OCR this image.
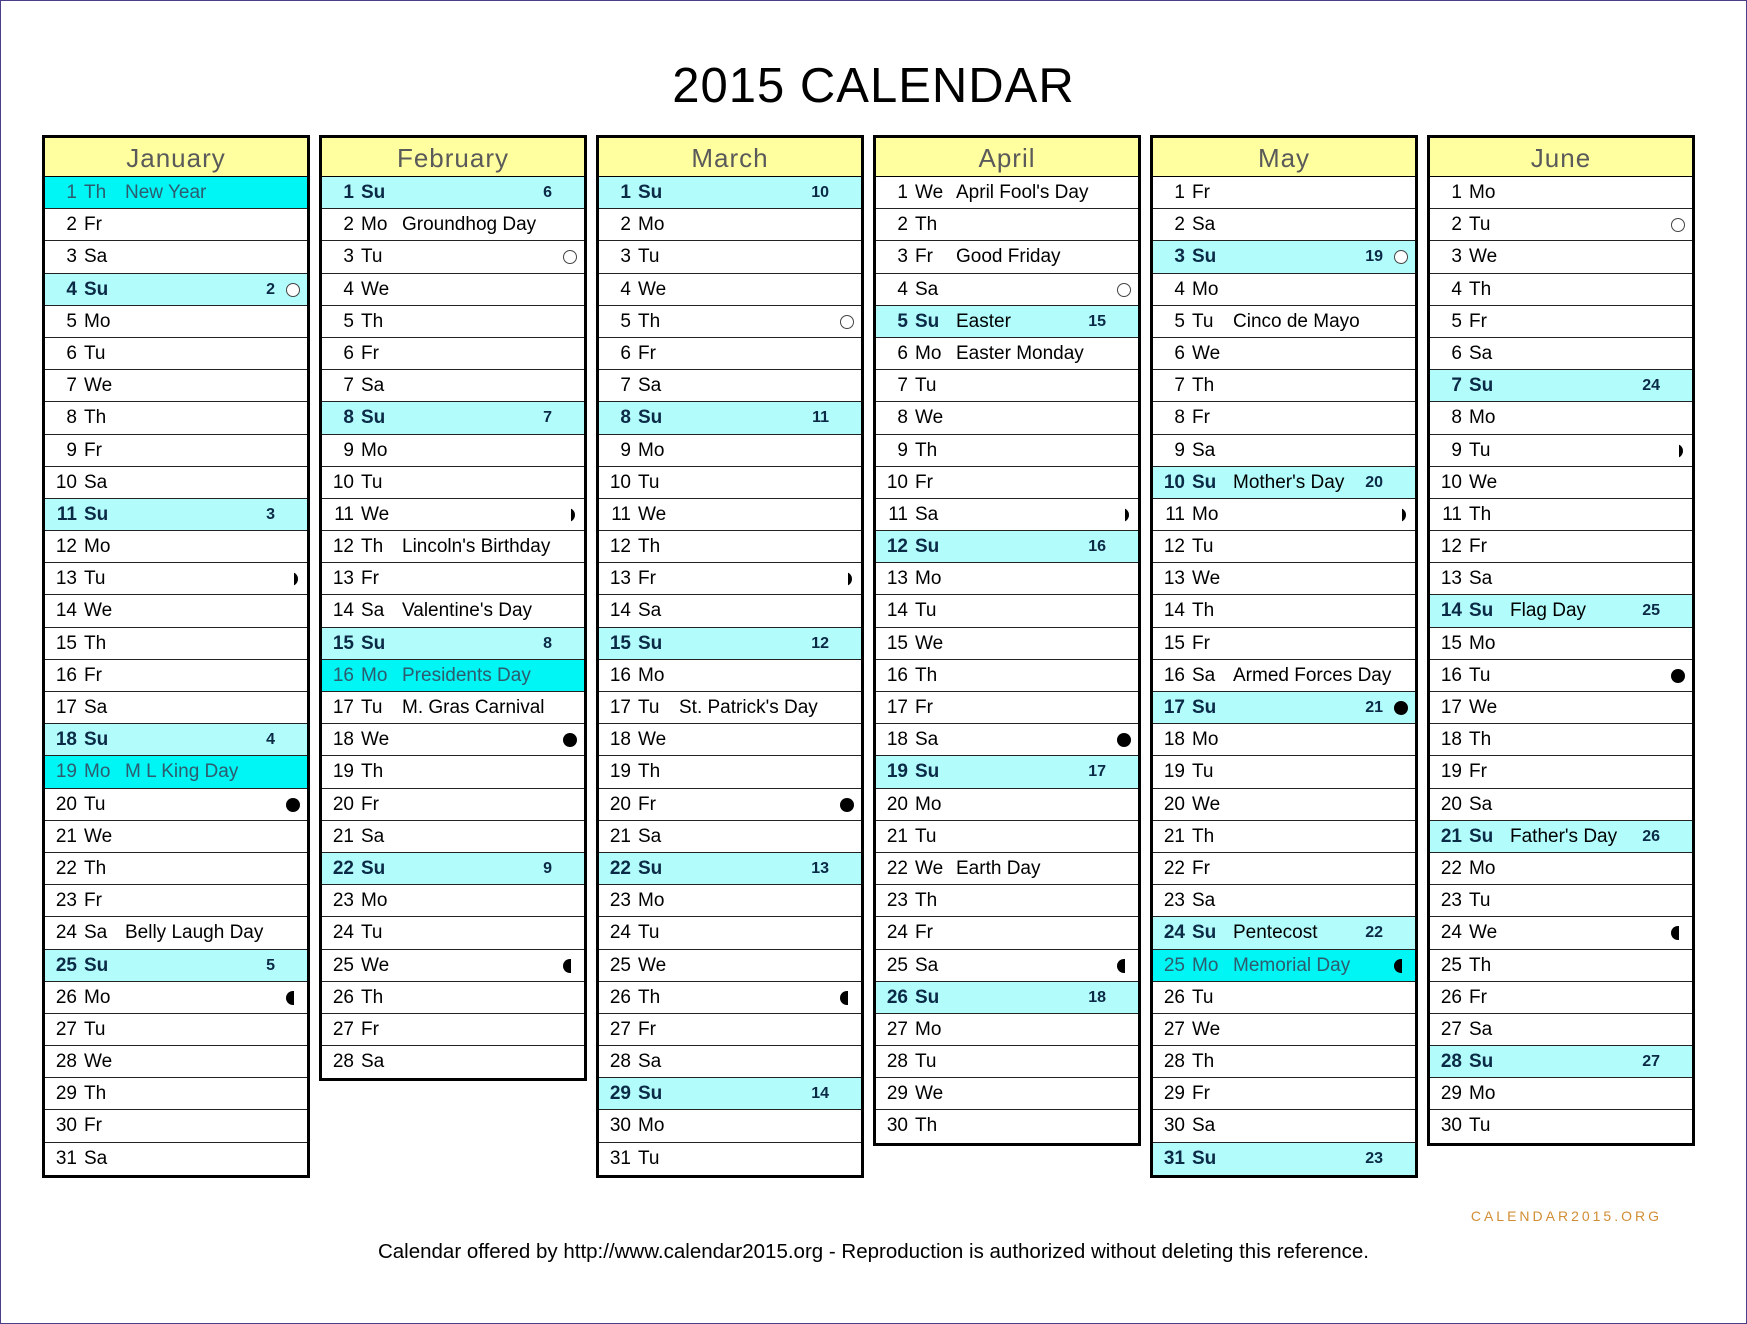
2015 CALENDAR
January
1 Th New Year
2 Fr
3 Sa
4 Su	2
5 Mo
6 Tu
7 We
8 Th
9 Fr
10 Sa
11 Su	3
12 Mo
13 Tu
14 We
15 Th
16 Fr
17 Sa
18 Su	4
19 Mo M L King Day
20 Tu
21 We
22 Th
23 Fr
24 Sa Belly Laugh Day
25 Su	5
26 Mo
27 Tu
28 We
29 Th
30 Fr
31 Sa
February
1 Su	6
2 Mo Groundhog Day
3 Tu
4 We
5 Th
6 Fr
7 Sa
8 Su	7
9 Mo
10 Tu
11 We
12 Th Lincoln's Birthday
13 Fr
14 Sa Valentine's Day
15 Su	8
16 Mo Presidents Day
17 Tu M. Gras Carnival
18 We
19 Th
20 Fr
21 Sa
22 Su	9
23 Mo
24 Tu
25 We
26 Th
27 Fr
28 Sa
March
1 Su	10
2 Mo
3 Tu
4 We
5 Th
6 Fr
7 Sa
8 Su	11
9 Mo
10 Tu
11 We
12 Th
13 Fr
14 Sa
15 Su	12
16 Mo
17 Tu St. Patrick's Day
18 We
19 Th
20 Fr
21 Sa
22 Su	13
23 Mo
24 Tu
25 We
26 Th
27 Fr
28 Sa
29 Su	14
30 Mo
31 Tu
April
1 We April Fool's Day
2 Th
3 Fr Good Friday
4 Sa
5 Su Easter	15
6 Mo Easter Monday
7 Tu
8 We
9 Th
10 Fr
11 Sa
12 Su	16
13 Mo
14 Tu
15 We
16 Th
17 Fr
18 Sa
19 Su	17
20 Mo
21 Tu
22 We Earth Day
23 Th
24 Fr
25 Sa
26 Su	18
27 Mo
28 Tu
29 We
30 Th
May
1 Fr
2 Sa
3 Su	19
4 Mo
5 Tu Cinco de Mayo
6 We
7 Th
8 Fr
9 Sa
10 Su Mother's Day 20
11 Mo
12 Tu
13 We
14 Th
15 Fr
16 Sa Armed Forces Day
17 Su	21
18 Mo
19 Tu
20 We
21 Th
22 Fr
23 Sa
24 Su Pentecost	22
25 Mo Memorial Day
26 Tu
27 We
28 Th
29 Fr
30 Sa
31 Su	23
June
1 Mo
2 Tu
3 We
4 Th
5 Fr
6 Sa
7 Su	24
8 Mo
9 Tu
10 We
11 Th
12 Fr
13 Sa
14 Su Flag Day	25
15 Mo
16 Tu
17 We
18 Th
19 Fr
20 Sa
21 Su Father's Day 26
22 Mo
23 Tu
24 We
25 Th
26 Fr
27 Sa
28 Su	27
29 Mo
30 Tu
CALENDAR2015.ORG
Calendar offered by http://www.calendar2015.org - Reproduction is authorized without deleting this reference.
